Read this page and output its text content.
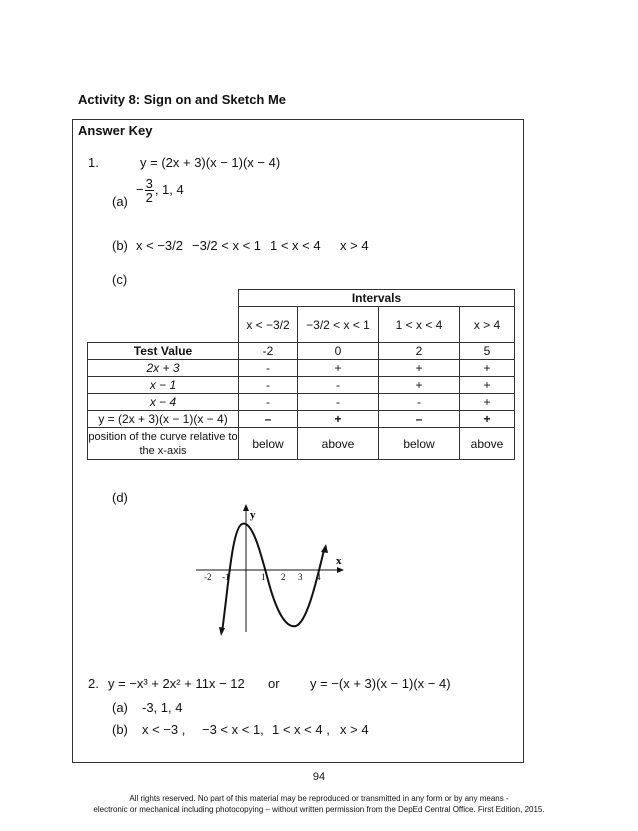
Activity 8: Sign on and Sketch Me
Answer Key
1.	y = (2x + 3)(x − 1)(x − 4)
(a)
− $\frac{3}{2}$ , 1, 4
(b) x < −3/2 −3/2 < x < 1 1 < x < 4 x > 4
(c)
	Intervals			
	x < −3/2	−3/2 < x < 1	1 < x < 4	x > 4
Test Value	-2	0	2	5
2x + 3	-	+	+	+
x − 1	-	-	+	+
x − 4	-	-	-	+
y = (2x + 3)(x − 1)(x − 4)	–	+	–	+
position of the curve relative to the x-axis	below	above	below	above
(d)
y
x
-2 -1	1 2 3 4
2. y = −x³ + 2x² + 11x − 12 or y = −(x + 3)(x − 1)(x − 4)
(a) -3, 1, 4
(b) x < −3 , −3 < x < 1, 1 < x < 4 , x > 4
94
All rights reserved. No part of this material may be reproduced or transmitted in any form or by any means -
electronic or mechanical including photocopying – without written permission from the DepEd Central Office. First Edition, 2015.
